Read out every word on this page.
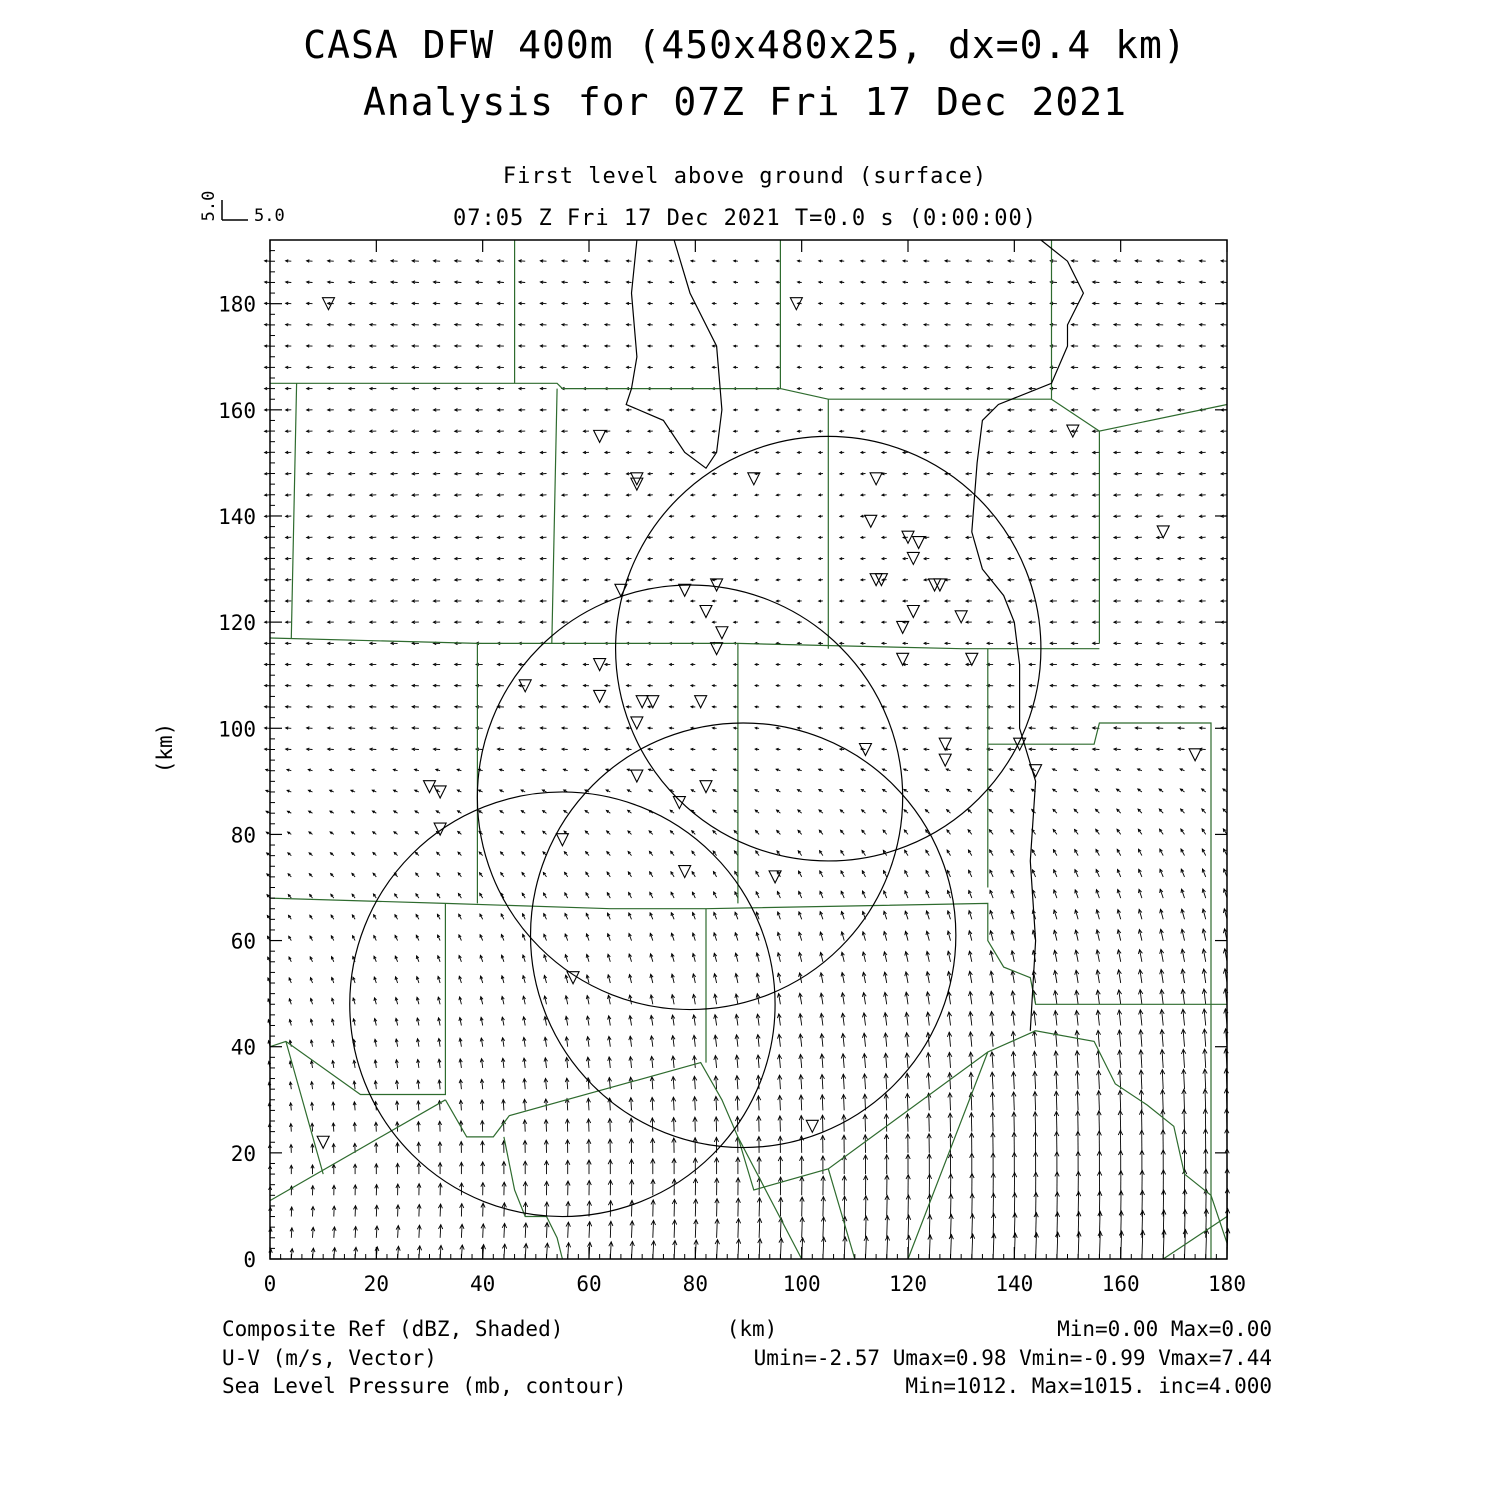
CASA DFW 400m (450x480x25, dx=0.4 km)
Analysis for 07Z Fri 17 Dec 2021
First level above ground (surface)
07:05 Z Fri 17 Dec 2021 T=0.0 s (0:00:00)
5.0
5.0
0	20	40	60	80	100	120	140	160	180
0
20
40
60
80
100
120
140
160
180
(km)
(km)
Composite Ref (dBZ, Shaded)	Min=0.00 Max=0.00
U-V (m/s, Vector)	Umin=-2.57 Umax=0.98 Vmin=-0.99 Vmax=7.44
Sea Level Pressure (mb, contour)	Min=1012. Max=1015. inc=4.000
